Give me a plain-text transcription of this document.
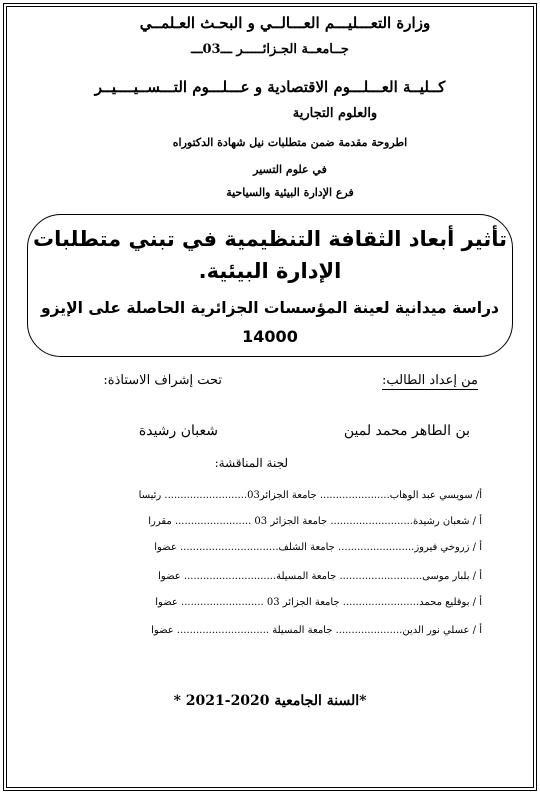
وزارة التعـــليـــم العـــالــي و البحـث العـلمــي
جــامعــة الجـزائـــــر ـــ03ـــ
كــليــة العـــلـــوم الاقتصادية و عـــلـــوم التـــســيــــيــر
والعلوم التجارية
اطروحة مقدمة ضمن متطلبات نيل شهادة الدكتوراه
في علوم التسير
فرع الإدارة البيئية والسياحية
تأثير أبعاد الثقافة التنظيمية في تبني متطلبات
الإدارة البيئية.
دراسة ميدانية لعينة المؤسسات الجزائرية الحاصلة على الإيزو
14000
من إعداد الطالب:
تحت إشراف الاستاذة:
بن الطاهر محمد لمين
شعبان رشيدة
لجنة المناقشة:
أ/ سويسي عبد الوهاب...................... جامعة الجزائر03.......................... رئيسا
أ / شعبان رشيدة.......................... جامعة الجزائر 03 ........................ مقررا
أ / زروخي فيروز........................ جامعة الشلف............................... عضوا
أ / بلبار موسى.......................... جامعة المسيلة............................. عضوا
أ / بوقليع محمد........................ جامعة الجزائر 03 .......................... عضوا
أ / عسلي نور الدين..................... جامعة المسيلة ............................. عضوا
*السنة الجامعية 2020-2021 *
